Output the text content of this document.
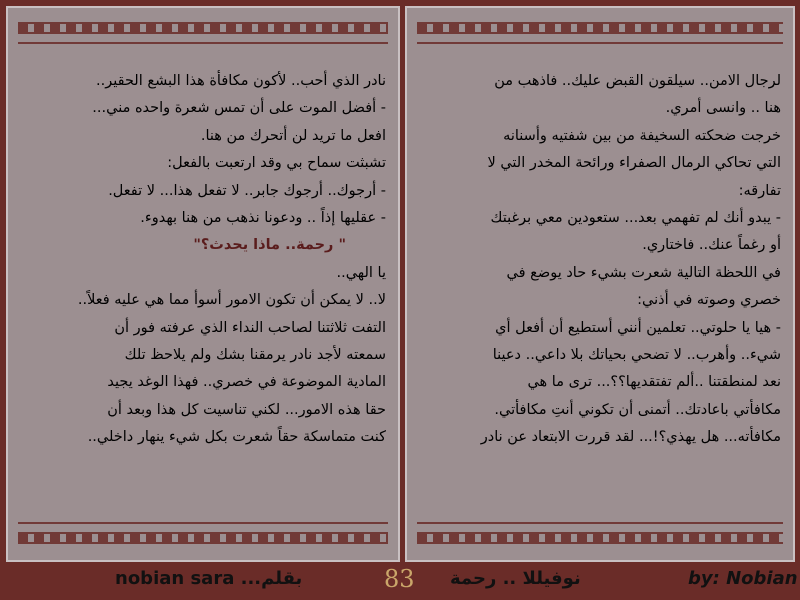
لرجال الامن.. سيلقون القبض عليك.. فاذهب من
هنا .. وانسى أمري.
خرجت ضحكته السخيفة من بين شفتيه وأسنانه
التي تحاكي الرمال الصفراء ورائحة المخدر التي لا
تفارقه:
- يبدو أنك لم تفهمي بعد... ستعودين معي برغبتك
أو رغماً عنك.. فاختاري.
في اللحظة التالية شعرت بشيء حاد يوضع في
خصري وصوته في أذني:
- هيا يا حلوتي.. تعلمين أنني أستطيع أن أفعل أي
شيء.. وأهرب.. لا تضحي بحياتك بلا داعي.. دعينا
نعد لمنطقتنا ..ألم تفتقديها؟؟... ترى ما هي
مكافأتي باعادتك.. أتمنى أن تكوني أنتِ مكافأتي.
مكافأته... هل يهذي؟!... لقد قررت الابتعاد عن نادر
نادر الذي أحب.. لأكون مكافأة هذا البشع الحقير..
- أفضل الموت على أن تمس شعرة واحده مني...
افعل ما تريد لن أتحرك من هنا.
تشبثت سماح بي وقد ارتعبت بالفعل:
- أرجوك.. أرجوك جابر.. لا تفعل هذا... لا تفعل.
- عقليها إذاً .. ودعونا نذهب من هنا بهدوء.
" رحمة.. ماذا يحدث؟"
يا الهي..
لا.. لا يمكن أن تكون الامور أسوأ مما هي عليه فعلاً..
التفت ثلاثتنا لصاحب النداء الذي عرفته فور أن
سمعته لأجد نادر يرمقنا بشك ولم يلاحظ تلك
المادية الموضوعة في خصري.. فهذا الوغد يجيد
حقا هذه الامور... لكني تناسيت كل هذا وبعد أن
كنت متماسكة حقاً شعرت بكل شيء ينهار داخلي..
nobian sara ...بقلم	83 نوفيللا .. رحمة	by: Nobian
